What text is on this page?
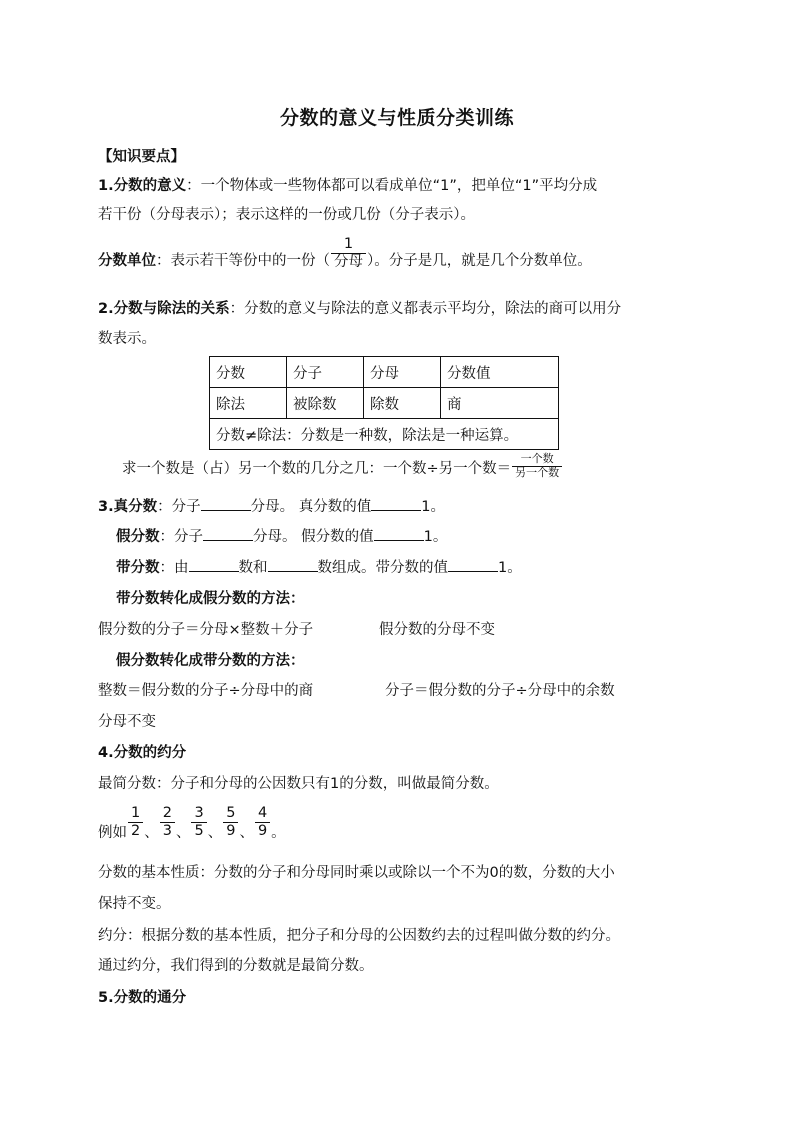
分数的意义与性质分类训练
【知识要点】
1.分数的意义：一个物体或一些物体都可以看成单位“1”，把单位“1”平均分成
若干份（分母表示）；表示这样的一份或几份（分子表示）。
分数单位：表示若干等份中的一份（ $\frac{1}{\text{分母}}$ ）。分子是几，就是几个分数单位。
2.分数与除法的关系：分数的意义与除法的意义都表示平均分，除法的商可以用分
数表示。
分数	分子	分母	分数值
除法	被除数	除数	商
分数≠除法：分数是一种数，除法是一种运算。			
求一个数是（占）另一个数的几分之几：一个数÷另一个数＝ $\frac{\text{一个数}}{\text{另一个数}}$
3.真分数：分子	分母。 真分数的值	1。
假分数：分子	分母。 假分数的值	1。
带分数：由	数和	数组成。带分数的值	1。
带分数转化成假分数的方法：
假分数的分子＝分母×整数＋分子	假分数的分母不变
假分数转化成带分数的方法：
整数＝假分数的分子÷分母中的商	分子＝假分数的分子÷分母中的余数
分母不变
4.分数的约分
最简分数：分子和分母的公因数只有1的分数，叫做最简分数。
例如 $\frac{1}{2}$ 、 $\frac{2}{3}$ 、 $\frac{3}{5}$ 、 $\frac{5}{9}$ 、 $\frac{4}{9}$ 。
分数的基本性质：分数的分子和分母同时乘以或除以一个不为0的数，分数的大小
保持不变。
约分：根据分数的基本性质，把分子和分母的公因数约去的过程叫做分数的约分。
通过约分，我们得到的分数就是最简分数。
5.分数的通分
